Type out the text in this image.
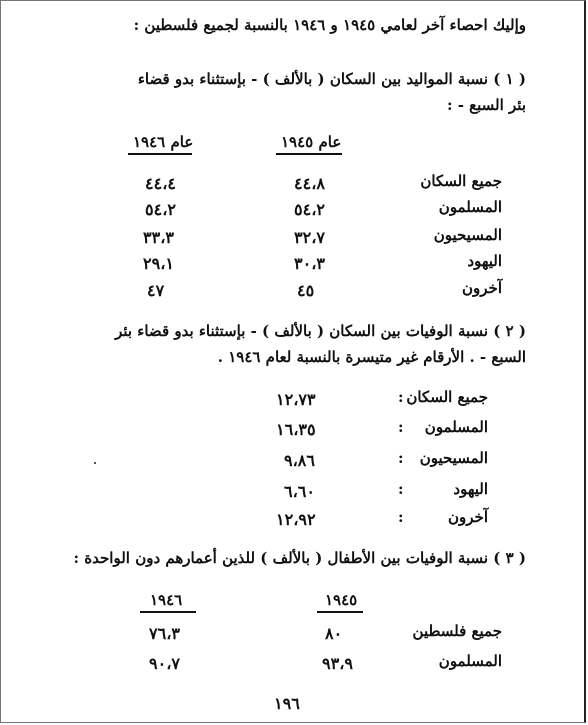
وإليك احصاء آخر لعامي ١٩٤٥ و ١٩٤٦ بالنسبة لجميع فلسطين :
( ١ ) نسبة المواليد بين السكان ( بالألف ) - بإستثناء بدو قضاء
بئر السبع - :
عام ١٩٤٦	عام ١٩٤٥
جميع السكان
٤٤،٨
٤٤،٤
المسلمون
٥٤،٢
٥٤،٢
المسيحيون
٣٢،٧
٣٣،٣
اليهود
٣٠،٣
٢٩،١
آخرون
٤٥
٤٧
( ٢ ) نسبة الوفيات بين السكان ( بالألف ) - بإستثناء بدو قضاء بئر
السبع - . الأرقام غير متيسرة بالنسبة لعام ١٩٤٦ .
جميع السكان
:
١٢،٧٣
المسلمون
:
١٦،٣٥
المسيحيون
:
٩،٨٦
اليهود
:
٦،٦٠
آخرون
:
١٢،٩٢
( ٣ ) نسبة الوفيات بين الأطفال ( بالألف ) للذين أعمارهم دون الواحدة :
١٩٤٦	١٩٤٥
جميع فلسطين
٨٠
٧٦،٣
المسلمون
٩٣،٩
٩٠،٧
١٩٦
